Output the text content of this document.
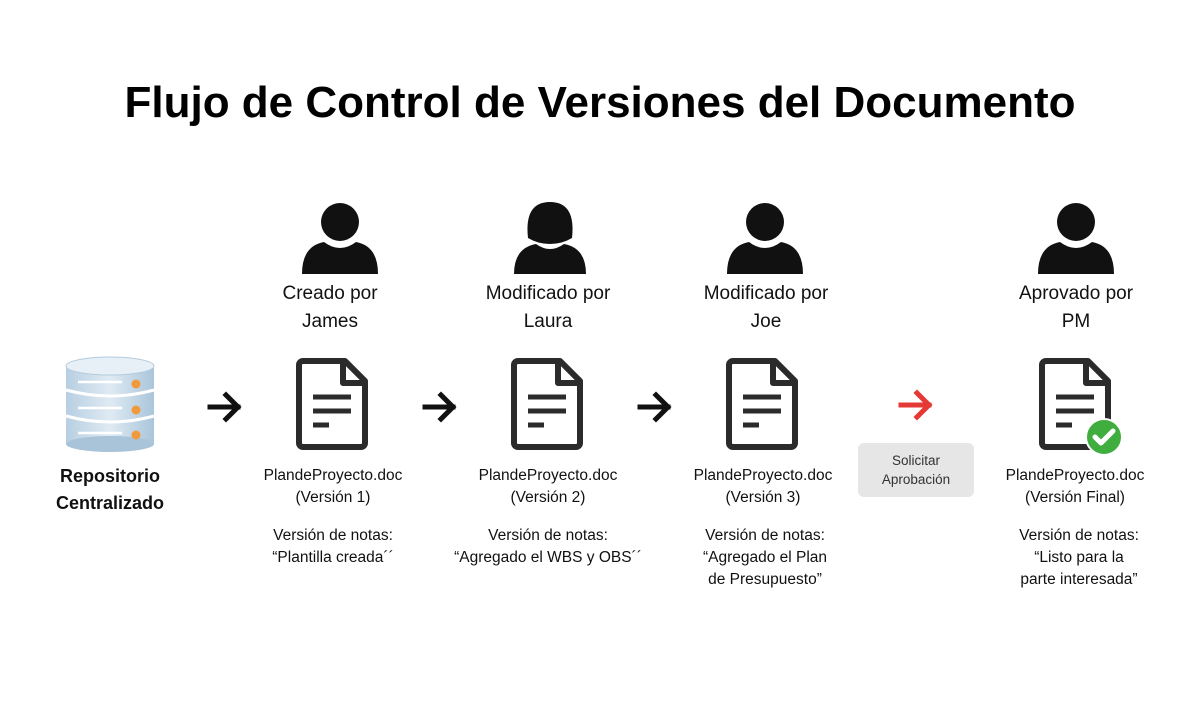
Flujo de Control de Versiones del Documento
Repositorio
Centralizado
Solicitar
Aprobación
Creado por
James
PlandeProyecto.doc
(Versión 1)
Versión de notas:
“Plantilla creada´´
Modificado por
Laura
PlandeProyecto.doc
(Versión 2)
Versión de notas:
“Agregado el WBS y OBS´´
Modificado por
Joe
PlandeProyecto.doc
(Versión 3)
Versión de notas:
“Agregado el Plan
de Presupuesto”
Aprovado por
PM
PlandeProyecto.doc
(Versión Final)
Versión de notas:
“Listo para la
parte interesada”
